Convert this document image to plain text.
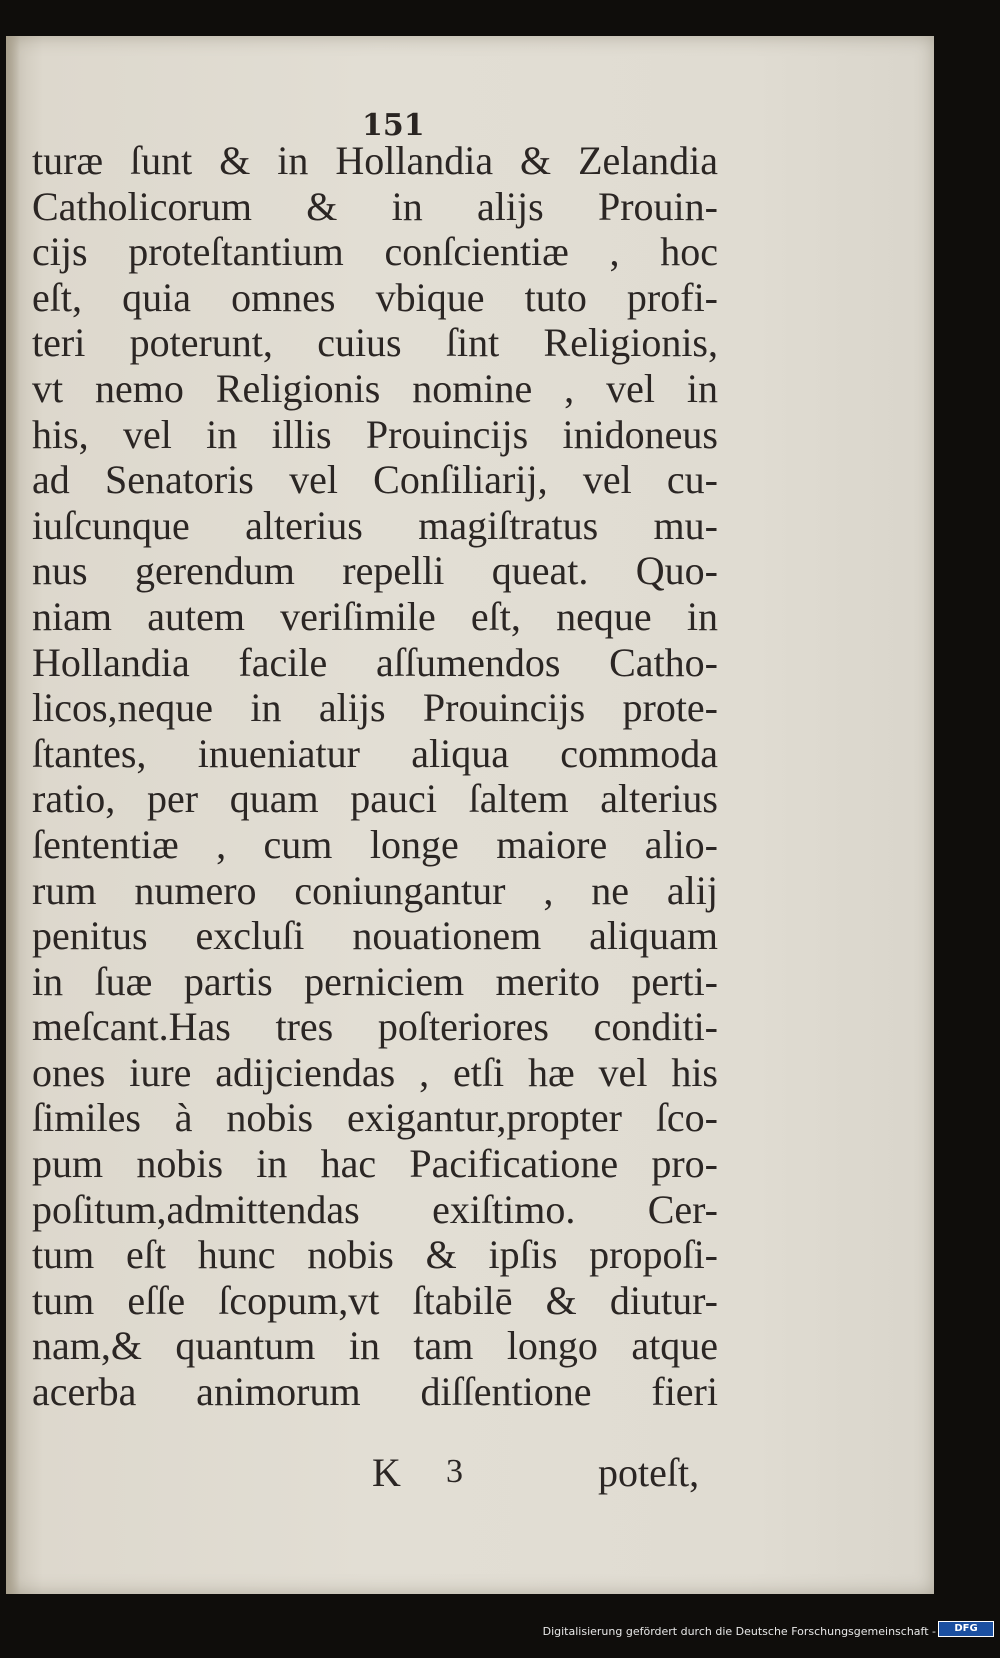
151
turæ ſunt & in Hollandia & Zelandia
Catholicorum & in alijs Prouin-
cijs proteſtantium conſcientiæ , hoc
eſt, quia omnes vbique tuto profi-
teri poterunt, cuius ſint Religionis,
vt nemo Religionis nomine , vel in
his, vel in illis Prouincijs inidoneus
ad Senatoris vel Conſiliarij, vel cu-
iuſcunque alterius magiſtratus mu-
nus gerendum repelli queat. Quo-
niam autem veriſimile eſt, neque in
Hollandia facile aſſumendos Catho-
licos,neque in alijs Prouincijs prote-
ſtantes, inueniatur aliqua commoda
ratio, per quam pauci ſaltem alterius
ſententiæ , cum longe maiore alio-
rum numero coniungantur , ne alij
penitus excluſi nouationem aliquam
in ſuæ partis perniciem merito perti-
meſcant.Has tres poſteriores conditi-
ones iure adijciendas , etſi hæ vel his
ſimiles à nobis exigantur,propter ſco-
pum nobis in hac Pacificatione pro-
poſitum,admittendas exiſtimo. Cer-
tum eſt hunc nobis & ipſis propoſi-
tum eſſe ſcopum,vt ſtabilē & diutur-
nam,& quantum in tam longo atque
acerba animorum diſſentione fieri
K 3	poteſt,
Digitalisierung gefördert durch die Deutsche Forschungsgemeinschaft -	DFG
